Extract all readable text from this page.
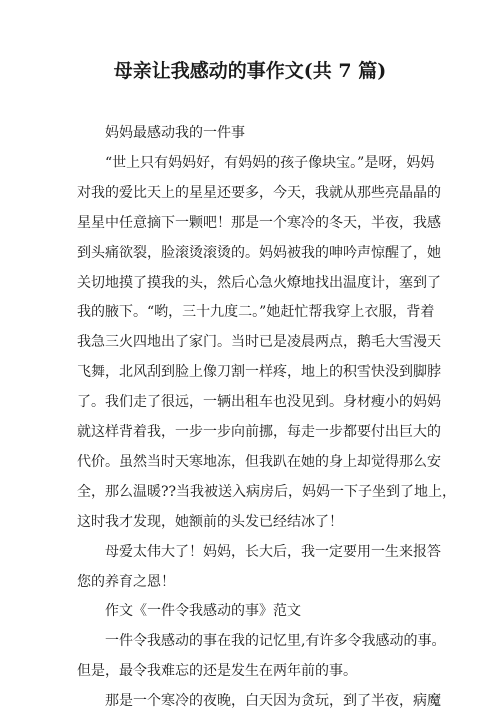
母亲让我感动的事作文(共 7 篇)
妈妈最感动我的一件事
“世上只有妈妈好，有妈妈的孩子像块宝。”是呀，妈妈
对我的爱比天上的星星还要多，今天，我就从那些亮晶晶的
星星中任意摘下一颗吧！那是一个寒冷的冬天，半夜，我感
到头痛欲裂，脸滚烫滚烫的。妈妈被我的呻吟声惊醒了，她
关切地摸了摸我的头，然后心急火燎地找出温度计，塞到了
我的腋下。“哟，三十九度二。”她赶忙帮我穿上衣服，背着
我急三火四地出了家门。当时已是凌晨两点，鹅毛大雪漫天
飞舞，北风刮到脸上像刀割一样疼，地上的积雪快没到脚脖
了。我们走了很远，一辆出租车也没见到。身材瘦小的妈妈
就这样背着我，一步一步向前挪，每走一步都要付出巨大的
代价。虽然当时天寒地冻，但我趴在她的身上却觉得那么安
全，那么温暖??当我被送入病房后，妈妈一下子坐到了地上，
这时我才发现，她额前的头发已经结冰了！
母爱太伟大了！妈妈，长大后，我一定要用一生来报答
您的养育之恩！
作文《一件令我感动的事》范文
一件令我感动的事在我的记忆里,有许多令我感动的事。
但是，最令我难忘的还是发生在两年前的事。
那是一个寒冷的夜晚，白天因为贪玩，到了半夜，病魔
